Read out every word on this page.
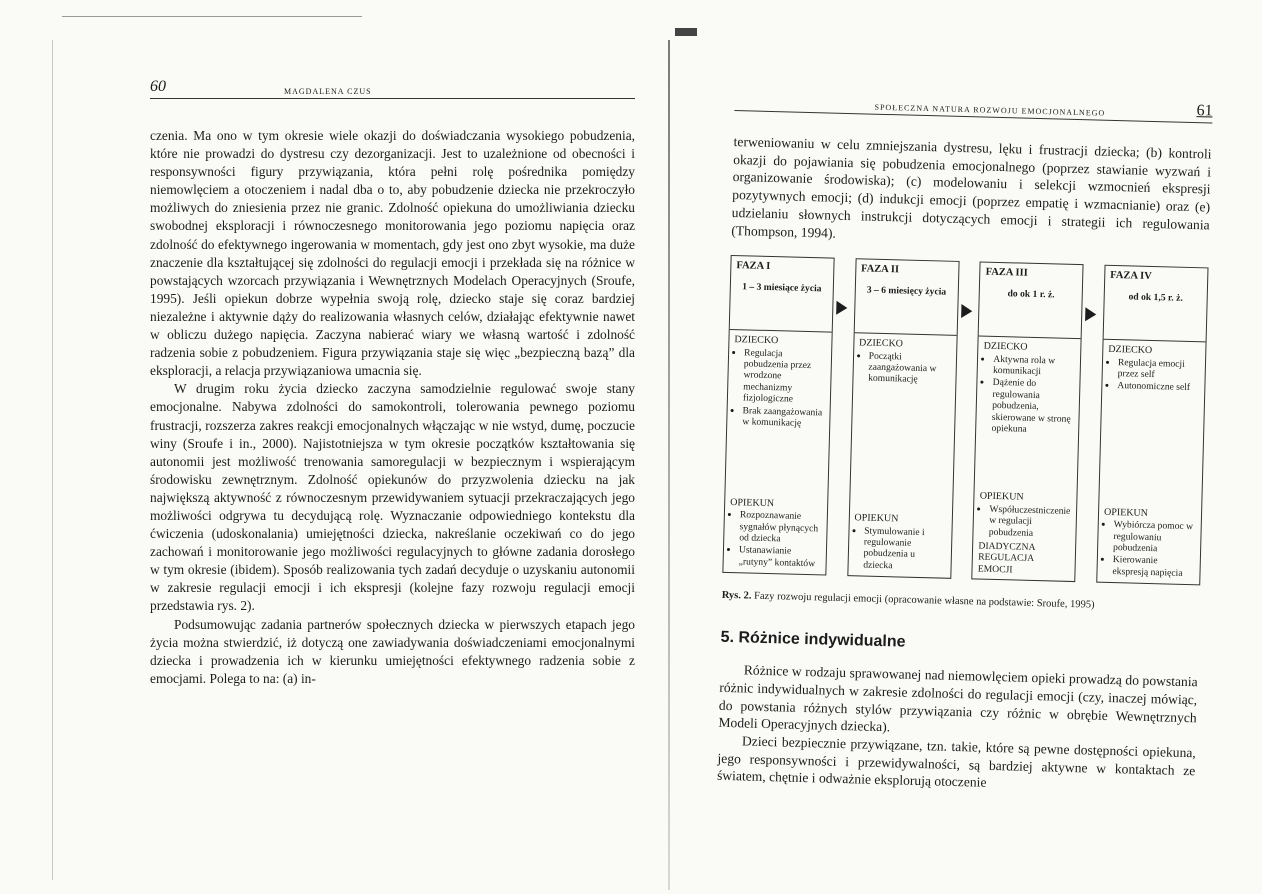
60	MAGDALENA CZUS

czenia. Ma ono w tym okresie wiele okazji do doświadczania wysokiego pobudzenia, które nie prowadzi do dystresu czy dezorganizacji. Jest to uzależnione od obecności i responsywności figury przywiązania, która pełni rolę pośrednika pomiędzy niemowlęciem a otoczeniem i nadal dba o to, aby pobudzenie dziecka nie przekroczyło możliwych do zniesienia przez nie granic. Zdolność opiekuna do umożliwiania dziecku swobodnej eksploracji i równoczesnego monitorowania jego poziomu napięcia oraz zdolność do efektywnego ingerowania w momentach, gdy jest ono zbyt wysokie, ma duże znaczenie dla kształtującej się zdolności do regulacji emocji i przekłada się na różnice w powstających wzorcach przywiązania i Wewnętrznych Modelach Operacyjnych (Sroufe, 1995). Jeśli opiekun dobrze wypełnia swoją rolę, dziecko staje się coraz bardziej niezależne i aktywnie dąży do realizowania własnych celów, działając efektywnie nawet w obliczu dużego napięcia. Zaczyna nabierać wiary we własną wartość i zdolność radzenia sobie z pobudzeniem. Figura przywiązania staje się więc „bezpieczną bazą” dla eksploracji, a relacja przywiązaniowa umacnia się.

W drugim roku życia dziecko zaczyna samodzielnie regulować swoje stany emocjonalne. Nabywa zdolności do samokontroli, tolerowania pewnego poziomu frustracji, rozszerza zakres reakcji emocjonalnych włączając w nie wstyd, dumę, poczucie winy (Sroufe i in., 2000). Najistotniejsza w tym okresie początków kształtowania się autonomii jest możliwość trenowania samoregulacji w bezpiecznym i wspierającym środowisku zewnętrznym. Zdolność opiekunów do przyzwolenia dziecku na jak największą aktywność z równoczesnym przewidywaniem sytuacji przekraczających jego możliwości odgrywa tu decydującą rolę. Wyznaczanie odpowiedniego kontekstu dla ćwiczenia (udoskonalania) umiejętności dziecka, nakreślanie oczekiwań co do jego zachowań i monitorowanie jego możliwości regulacyjnych to główne zadania dorosłego w tym okresie (ibidem). Sposób realizowania tych zadań decyduje o uzyskaniu autonomii w zakresie regulacji emocji i ich ekspresji (kolejne fazy rozwoju regulacji emocji przedstawia rys. 2).

Podsumowując zadania partnerów społecznych dziecka w pierwszych etapach jego życia można stwierdzić, iż dotyczą one zawiadywania doświadczeniami emocjonalnymi dziecka i prowadzenia ich w kierunku umiejętności efektywnego radzenia sobie z emocjami. Polega to na: (a) in-

SPOŁECZNA NATURA ROZWOJU EMOCJONALNEGO	61

terweniowaniu w celu zmniejszania dystresu, lęku i frustracji dziecka; (b) kontroli okazji do pojawiania się pobudzenia emocjonalnego (poprzez stawianie wyzwań i organizowanie środowiska); (c) modelowaniu i selekcji wzmocnień ekspresji pozytywnych emocji; (d) indukcji emocji (poprzez empatię i wzmacnianie) oraz (e) udzielaniu słownych instrukcji dotyczących emocji i strategii ich regulowania (Thompson, 1994).

FAZA I
1 – 3 miesiące życia
DZIECKO
• Regulacja pobudzenia przez wrodzone mechanizmy fizjologiczne
• Brak zaangażowania w komunikację
OPIEKUN
• Rozpoznawanie sygnałów płynących od dziecka
• Ustanawianie „rutyny” kontaktów
FAZA II
3 – 6 miesięcy życia
DZIECKO
• Początki zaangażowania w komunikację
OPIEKUN
• Stymulowanie i regulowanie pobudzenia u dziecka
FAZA III
do ok 1 r. ż.
DZIECKO
• Aktywna rola w komunikacji
• Dążenie do regulowania pobudzenia, skierowane w stronę opiekuna
OPIEKUN
• Współuczestniczenie w regulacji pobudzenia
DIADYCZNA REGULACJA EMOCJI
FAZA IV
od ok 1,5 r. ż.
DZIECKO
• Regulacja emocji przez self
• Autonomiczne self
OPIEKUN
• Wybiórcza pomoc w regulowaniu pobudzenia
• Kierowanie ekspresją napięcia
Rys. 2. Fazy rozwoju regulacji emocji (opracowanie własne na podstawie: Sroufe, 1995)
5. Różnice indywidualne

Różnice w rodzaju sprawowanej nad niemowlęciem opieki prowadzą do powstania różnic indywidualnych w zakresie zdolności do regulacji emocji (czy, inaczej mówiąc, do powstania różnych stylów przywiązania czy różnic w obrębie Wewnętrznych Modeli Operacyjnych dziecka).

Dzieci bezpiecznie przywiązane, tzn. takie, które są pewne dostępności opiekuna, jego responsywności i przewidywalności, są bardziej aktywne w kontaktach ze światem, chętnie i odważnie eksplorują otoczenie
